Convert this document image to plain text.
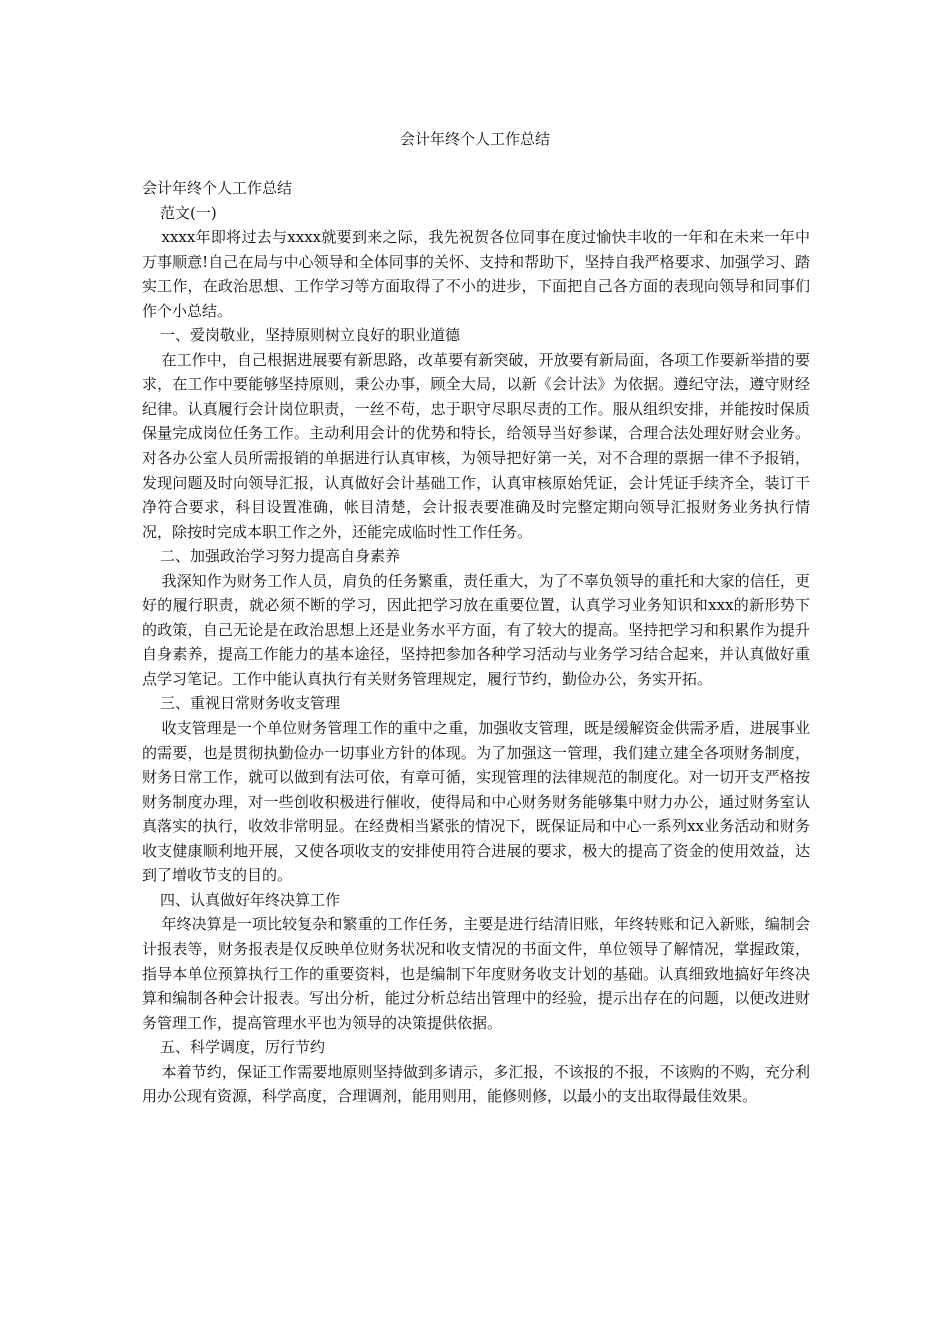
会计年终个人工作总结

会计年终个人工作总结

范文(一)

xxxx年即将过去与xxxx就要到来之际，我先祝贺各位同事在度过愉快丰收的一年和在未来一年中万事顺意!自己在局与中心领导和全体同事的关怀、支持和帮助下，坚持自我严格要求、加强学习、踏实工作，在政治思想、工作学习等方面取得了不小的进步，下面把自己各方面的表现向领导和同事们作个小总结。

一、爱岗敬业，坚持原则树立良好的职业道德

在工作中，自己根据进展要有新思路，改革要有新突破，开放要有新局面，各项工作要新举措的要求，在工作中要能够坚持原则，秉公办事，顾全大局，以新《会计法》为依据。遵纪守法，遵守财经纪律。认真履行会计岗位职责，一丝不苟，忠于职守尽职尽责的工作。服从组织安排，并能按时保质保量完成岗位任务工作。主动利用会计的优势和特长，给领导当好参谋，合理合法处理好财会业务。对各办公室人员所需报销的单据进行认真审核，为领导把好第一关，对不合理的票据一律不予报销，发现问题及时向领导汇报，认真做好会计基础工作，认真审核原始凭证，会计凭证手续齐全，装订干净符合要求，科目设置准确，帐目清楚，会计报表要准确及时完整定期向领导汇报财务业务执行情况，除按时完成本职工作之外，还能完成临时性工作任务。

二、加强政治学习努力提高自身素养

我深知作为财务工作人员，肩负的任务繁重，责任重大，为了不辜负领导的重托和大家的信任，更好的履行职责，就必须不断的学习，因此把学习放在重要位置，认真学习业务知识和xxx的新形势下的政策，自己无论是在政治思想上还是业务水平方面，有了较大的提高。坚持把学习和积累作为提升自身素养，提高工作能力的基本途径，坚持把参加各种学习活动与业务学习结合起来，并认真做好重点学习笔记。工作中能认真执行有关财务管理规定，履行节约，勤俭办公，务实开拓。

三、重视日常财务收支管理

收支管理是一个单位财务管理工作的重中之重，加强收支管理，既是缓解资金供需矛盾，进展事业的需要，也是贯彻执勤俭办一切事业方针的体现。为了加强这一管理，我们建立建全各项财务制度，财务日常工作，就可以做到有法可依，有章可循，实现管理的法律规范的制度化。对一切开支严格按财务制度办理，对一些创收积极进行催收，使得局和中心财务财务能够集中财力办公，通过财务室认真落实的执行，收效非常明显。在经费相当紧张的情况下，既保证局和中心一系列xx业务活动和财务收支健康顺利地开展，又使各项收支的安排使用符合进展的要求，极大的提高了资金的使用效益，达到了增收节支的目的。

四、认真做好年终决算工作

年终决算是一项比较复杂和繁重的工作任务，主要是进行结清旧账，年终转账和记入新账，编制会计报表等，财务报表是仅反映单位财务状况和收支情况的书面文件，单位领导了解情况，掌握政策，指导本单位预算执行工作的重要资料，也是编制下年度财务收支计划的基础。认真细致地搞好年终决算和编制各种会计报表。写出分析，能过分析总结出管理中的经验，提示出存在的问题，以便改进财务管理工作，提高管理水平也为领导的决策提供依据。

五、科学调度，厉行节约

本着节约，保证工作需要地原则坚持做到多请示，多汇报，不该报的不报，不该购的不购，充分利用办公现有资源，科学高度，合理调剂，能用则用，能修则修，以最小的支出取得最佳效果。
